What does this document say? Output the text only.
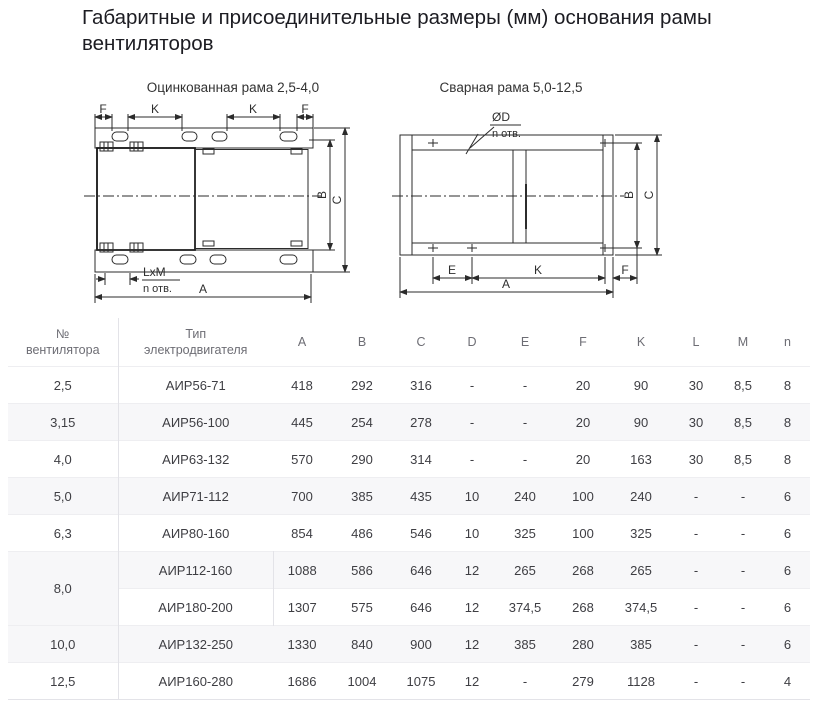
Габаритные и присоединительные размеры (мм) основания рамы вентиляторов
Оцинкованная рама 2,5-4,0
F	K	K	F
B
C
LxM
n отв. A
Сварная рама 5,0-12,5
ØD
n отв.
B C
E	K	F
A
№
вентилятора	Тип
электродвигателя	A	B	C	D	E	F	K	L	M	n
2,5	АИР56-71	418	292	316	-	-	20	90	30	8,5	8
3,15	АИР56-100	445	254	278	-	-	20	90	30	8,5	8
4,0	АИР63-132	570	290	314	-	-	20	163	30	8,5	8
5,0	АИР71-112	700	385	435	10	240	100	240	-	-	6
6,3	АИР80-160	854	486	546	10	325	100	325	-	-	6
8,0	АИР112-160	1088	586	646	12	265	268	265	-	-	6
	АИР180-200	1307	575	646	12	374,5	268	374,5	-	-	6
10,0	АИР132-250	1330	840	900	12	385	280	385	-	-	6
12,5	АИР160-280	1686	1004	1075	12	-	279	1128	-	-	4
